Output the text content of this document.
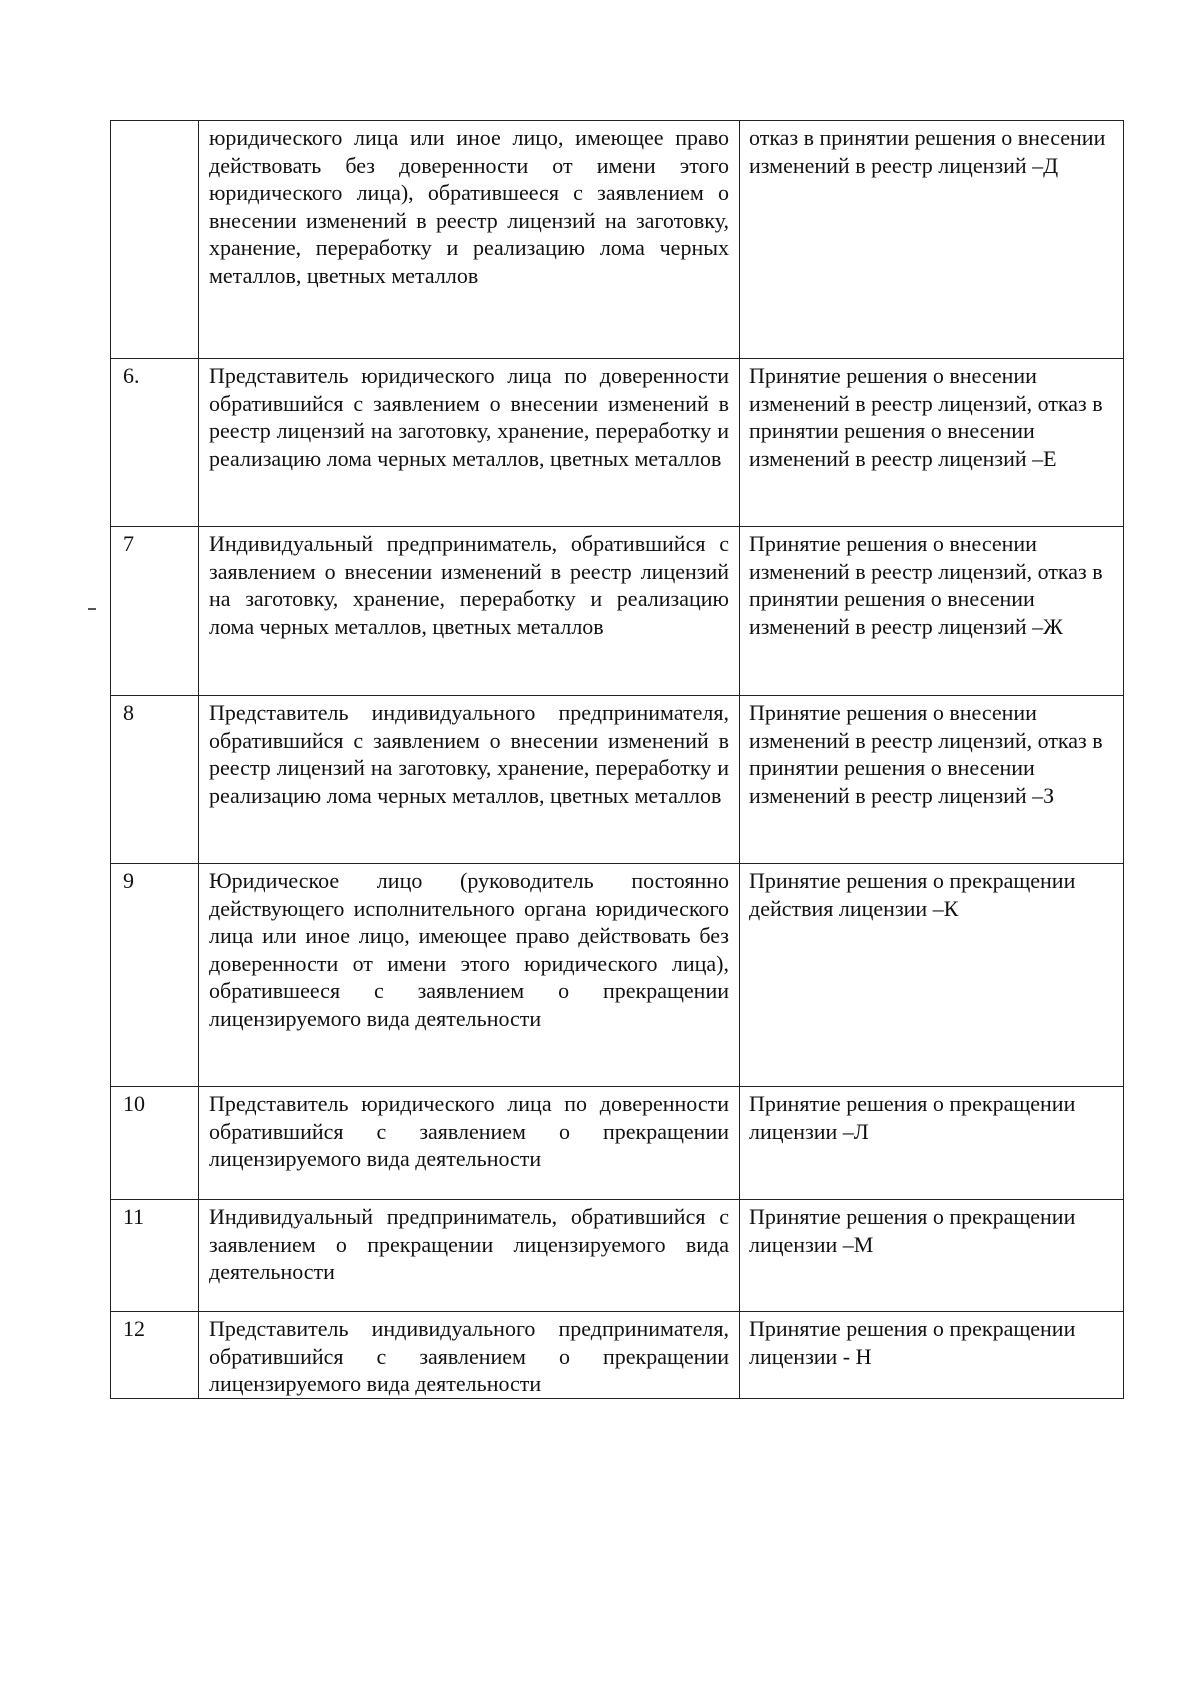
	юридического лица или иное лицо, имеющее право действовать без доверенности от имени этого юридического лица), обратившееся с заявлением о внесении изменений в реестр лицензий на заготовку, хранение, переработку и реализацию лома черных металлов, цветных металлов	отказ в принятии решения о внесении изменений в реестр лицензий –Д
6.	Представитель юридического лица по доверенности обратившийся с заявлением о внесении изменений в реестр лицензий на заготовку, хранение, переработку и реализацию лома черных металлов, цветных металлов	Принятие решения о внесении изменений в реестр лицензий, отказ в принятии решения о внесении изменений в реестр лицензий –Е
7	Индивидуальный предприниматель, обратившийся с заявлением о внесении изменений в реестр лицензий на заготовку, хранение, переработку и реализацию лома черных металлов, цветных металлов	Принятие решения о внесении изменений в реестр лицензий, отказ в принятии решения о внесении изменений в реестр лицензий –Ж
8	Представитель индивидуального предпринимателя, обратившийся с заявлением о внесении изменений в реестр лицензий на заготовку, хранение, переработку и реализацию лома черных металлов, цветных металлов	Принятие решения о внесении изменений в реестр лицензий, отказ в принятии решения о внесении изменений в реестр лицензий –З
9	Юридическое лицо (руководитель постоянно действующего исполнительного органа юридического лица или иное лицо, имеющее право действовать без доверенности от имени этого юридического лица), обратившееся с заявлением о прекращении лицензируемого вида деятельности	Принятие решения о прекращении действия лицензии –К
10	Представитель юридического лица по доверенности обратившийся с заявлением о прекращении лицензируемого вида деятельности	Принятие решения о прекращении лицензии –Л
11	Индивидуальный предприниматель, обратившийся с заявлением о прекращении лицензируемого вида деятельности	Принятие решения о прекращении лицензии –М
12	Представитель индивидуального предпринимателя, обратившийся с заявлением о прекращении лицензируемого вида деятельности	Принятие решения о прекращении лицензии - Н
